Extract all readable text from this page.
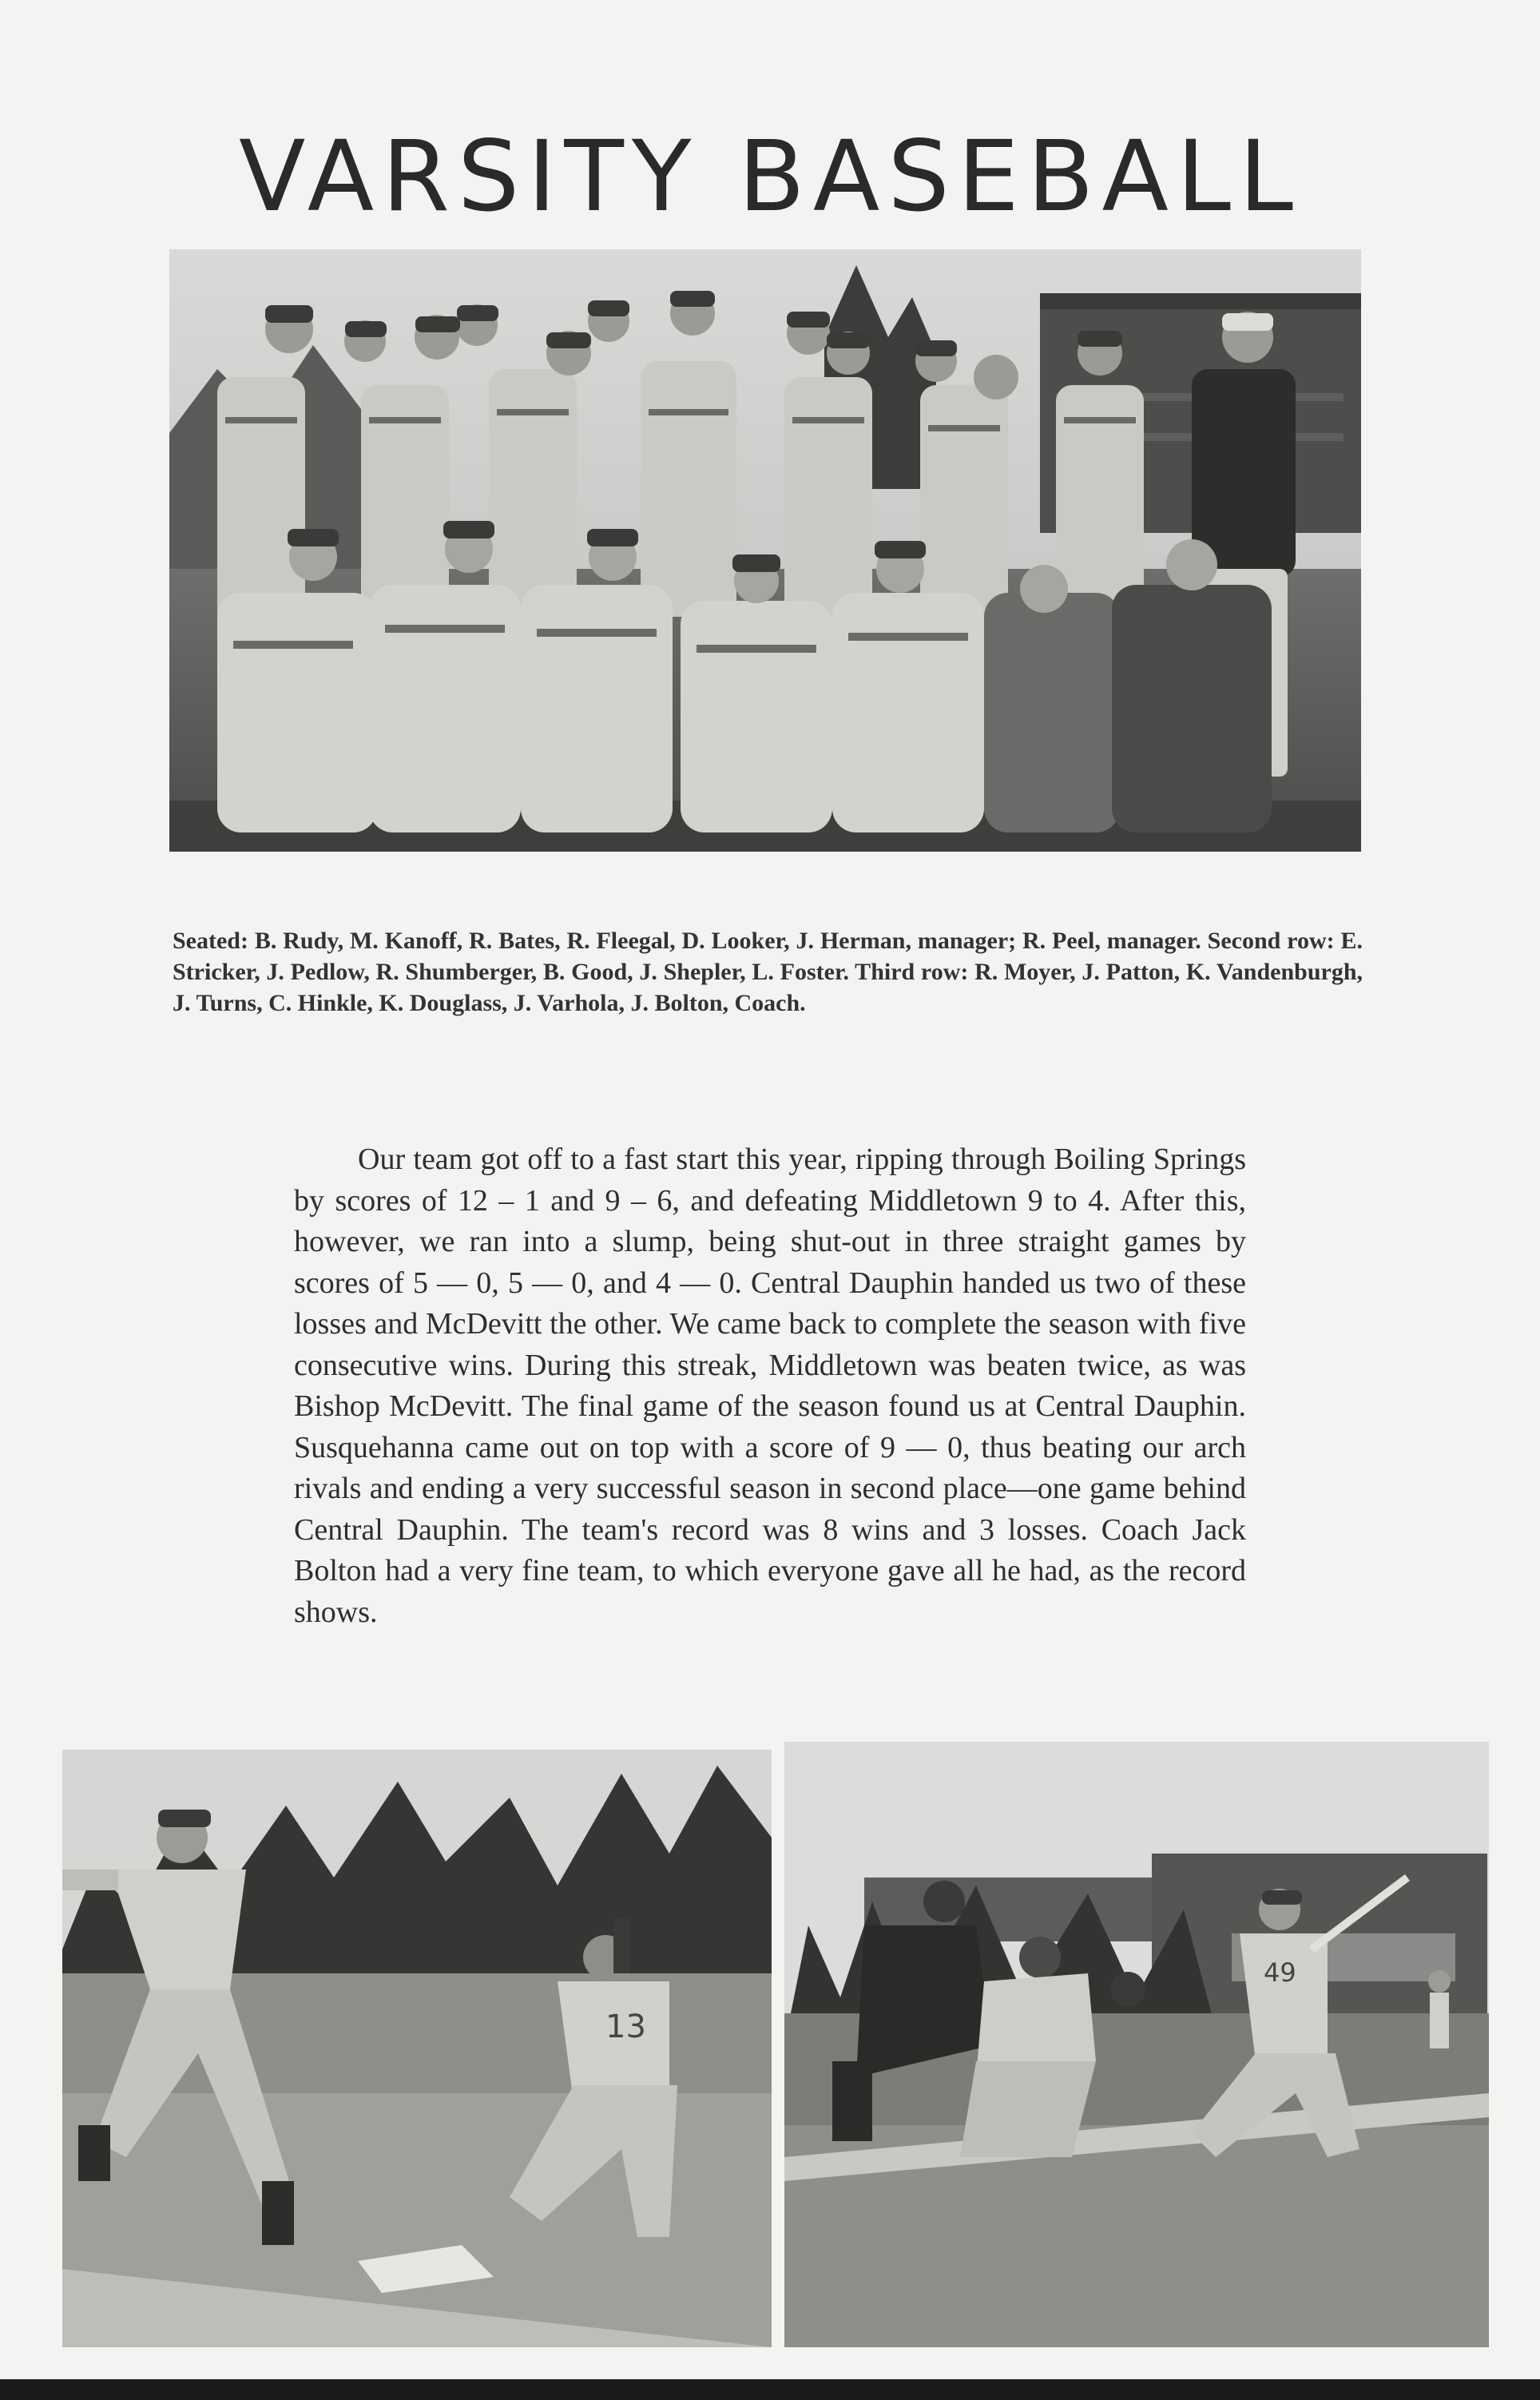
VARSITY BASEBALL

Seated: B. Rudy, M. Kanoff, R. Bates, R. Fleegal, D. Looker, J. Herman, manager; R. Peel, manager. Second row: E. Stricker, J. Pedlow, R. Shumberger, B. Good, J. Shepler, L. Foster. Third row: R. Moyer, J. Patton, K. Vandenburgh, J. Turns, C. Hinkle, K. Douglass, J. Varhola, J. Bolton, Coach.

Our team got off to a fast start this year, ripping through Boiling Springs by scores of 12 – 1 and 9 – 6, and defeating Middletown 9 to 4. After this, however, we ran into a slump, being shut-out in three straight games by scores of 5 — 0, 5 — 0, and 4 — 0. Central Dauphin handed us two of these losses and McDevitt the other. We came back to complete the season with five consecutive wins. During this streak, Middletown was beaten twice, as was Bishop McDevitt. The final game of the season found us at Central Dauphin. Susquehanna came out on top with a score of 9 — 0, thus beating our arch rivals and ending a very successful season in second place—one game behind Central Dauphin. The team's record was 8 wins and 3 losses. Coach Jack Bolton had a very fine team, to which everyone gave all he had, as the record shows.

13
49
